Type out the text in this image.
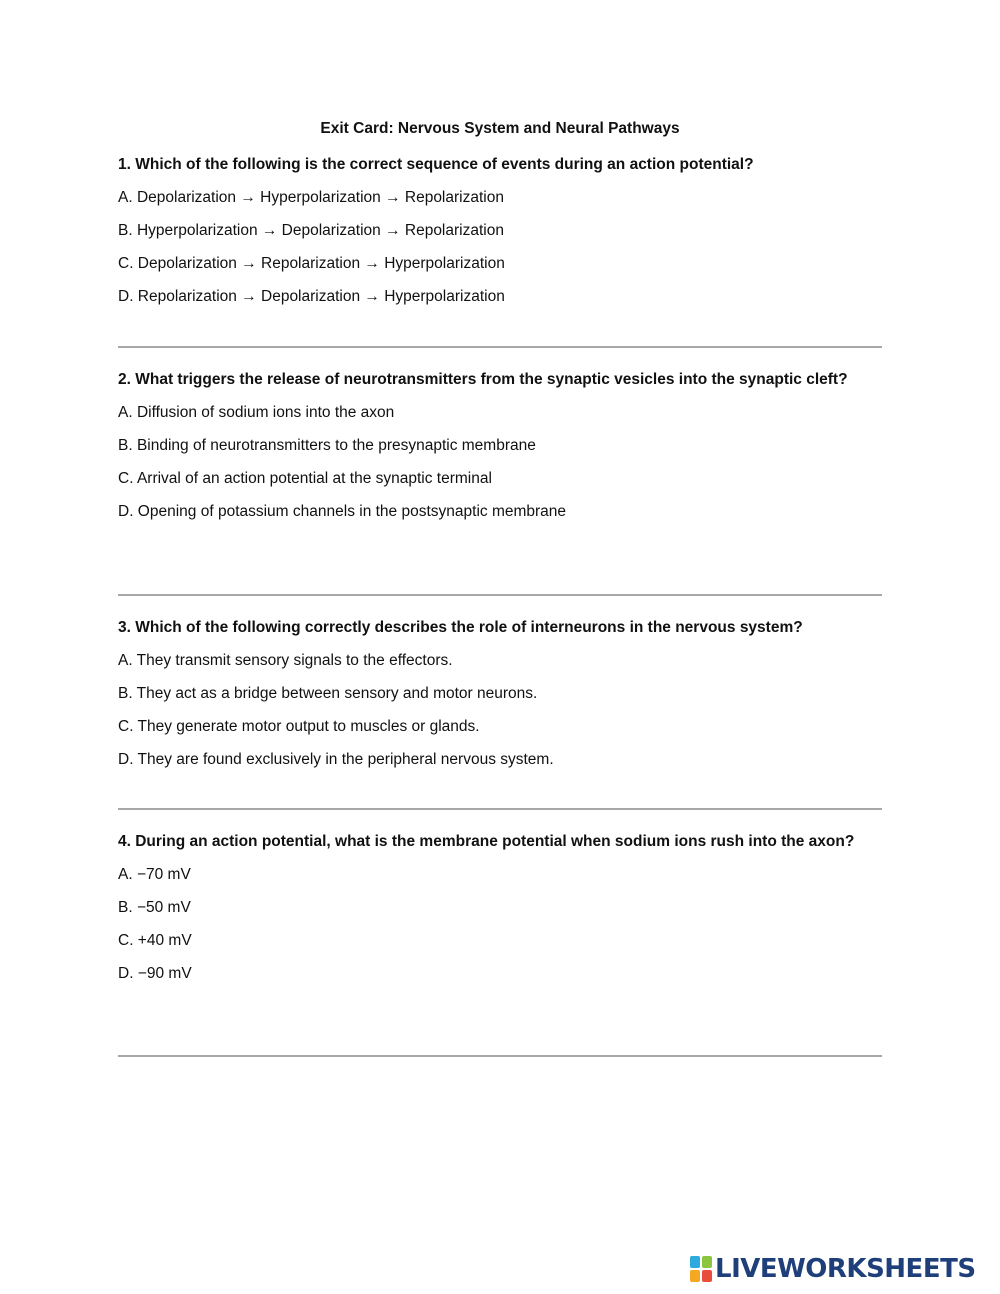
Exit Card: Nervous System and Neural Pathways

1. Which of the following is the correct sequence of events during an action potential?

A. Depolarization → Hyperpolarization → Repolarization

B. Hyperpolarization → Depolarization → Repolarization

C. Depolarization → Repolarization → Hyperpolarization

D. Repolarization → Depolarization → Hyperpolarization

2. What triggers the release of neurotransmitters from the synaptic vesicles into the synaptic cleft?

A. Diffusion of sodium ions into the axon

B. Binding of neurotransmitters to the presynaptic membrane

C. Arrival of an action potential at the synaptic terminal

D. Opening of potassium channels in the postsynaptic membrane

3. Which of the following correctly describes the role of interneurons in the nervous system?

A. They transmit sensory signals to the effectors.

B. They act as a bridge between sensory and motor neurons.

C. They generate motor output to muscles or glands.

D. They are found exclusively in the peripheral nervous system.

4. During an action potential, what is the membrane potential when sodium ions rush into the axon?

A. −70 mV

B. −50 mV

C. +40 mV

D. −90 mV

LIVEWORKSHEETS
